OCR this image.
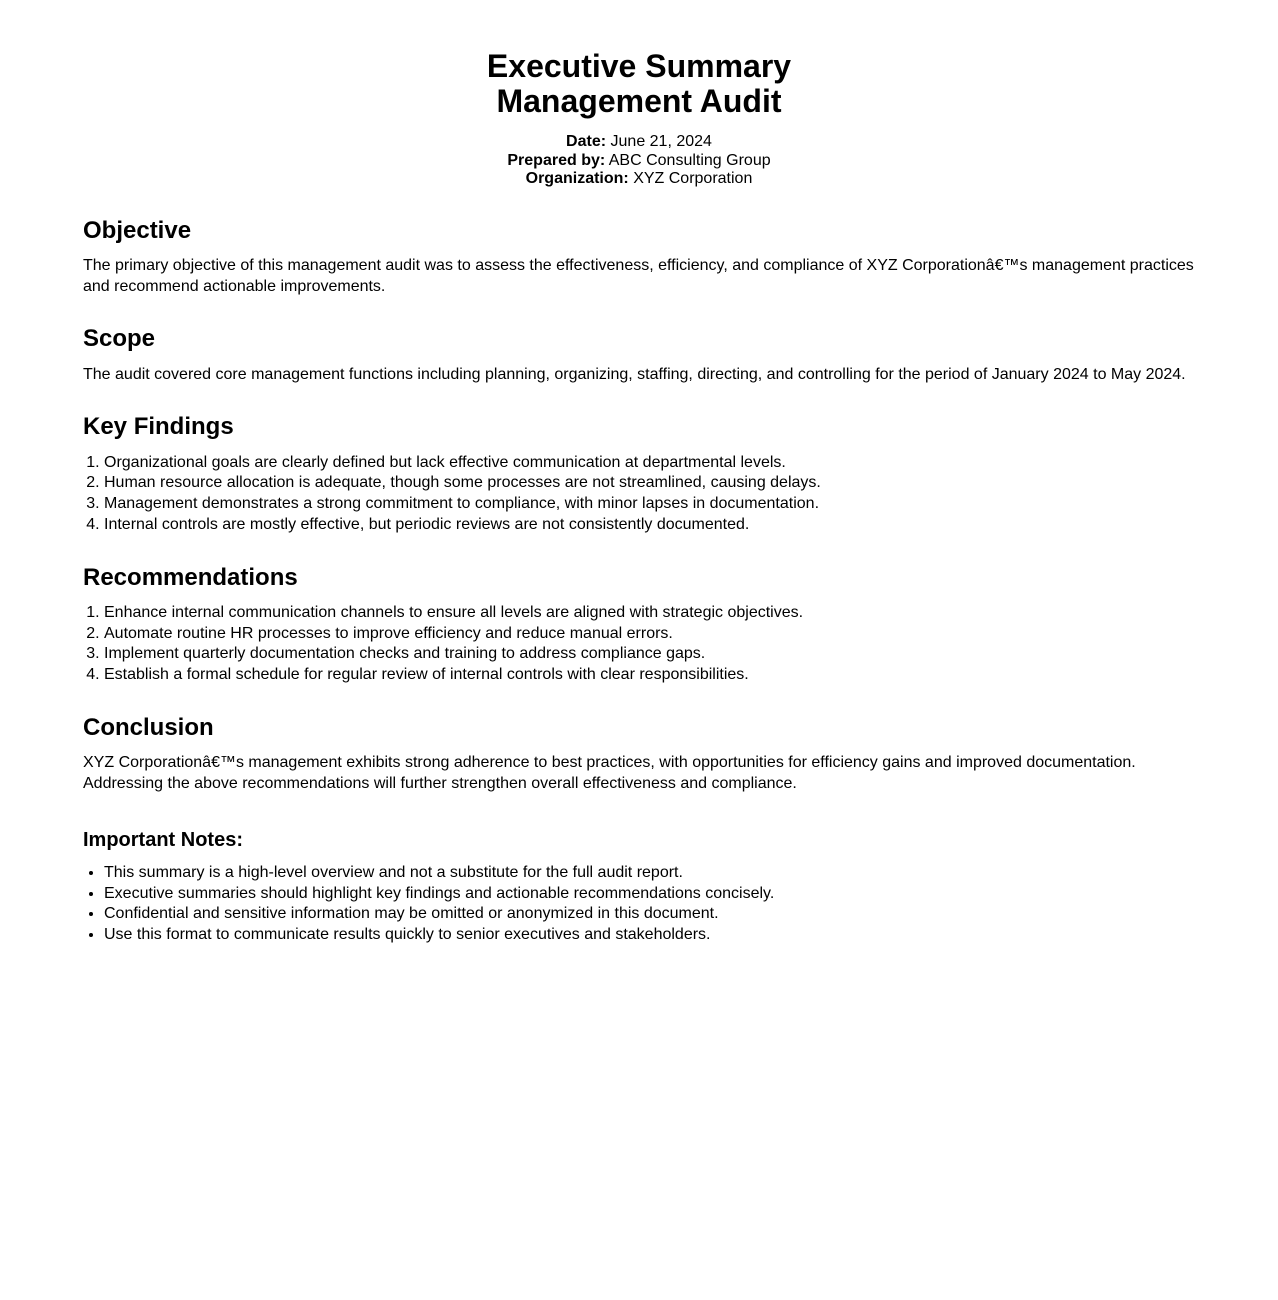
Executive Summary
Management Audit
Date: June 21, 2024
Prepared by: ABC Consulting Group
Organization: XYZ Corporation
Objective

The primary objective of this management audit was to assess the effectiveness, efficiency, and compliance of XYZ Corporationâ€™s management practices and recommend actionable improvements.

Scope

The audit covered core management functions including planning, organizing, staffing, directing, and controlling for the period of January 2024 to May 2024.

Key Findings
1. Organizational goals are clearly defined but lack effective communication at departmental levels.
2. Human resource allocation is adequate, though some processes are not streamlined, causing delays.
3. Management demonstrates a strong commitment to compliance, with minor lapses in documentation.
4. Internal controls are mostly effective, but periodic reviews are not consistently documented.
Recommendations
1. Enhance internal communication channels to ensure all levels are aligned with strategic objectives.
2. Automate routine HR processes to improve efficiency and reduce manual errors.
3. Implement quarterly documentation checks and training to address compliance gaps.
4. Establish a formal schedule for regular review of internal controls with clear responsibilities.
Conclusion

XYZ Corporationâ€™s management exhibits strong adherence to best practices, with opportunities for efficiency gains and improved documentation. Addressing the above recommendations will further strengthen overall effectiveness and compliance.

Important Notes:
• This summary is a high-level overview and not a substitute for the full audit report.
• Executive summaries should highlight key findings and actionable recommendations concisely.
• Confidential and sensitive information may be omitted or anonymized in this document.
• Use this format to communicate results quickly to senior executives and stakeholders.
